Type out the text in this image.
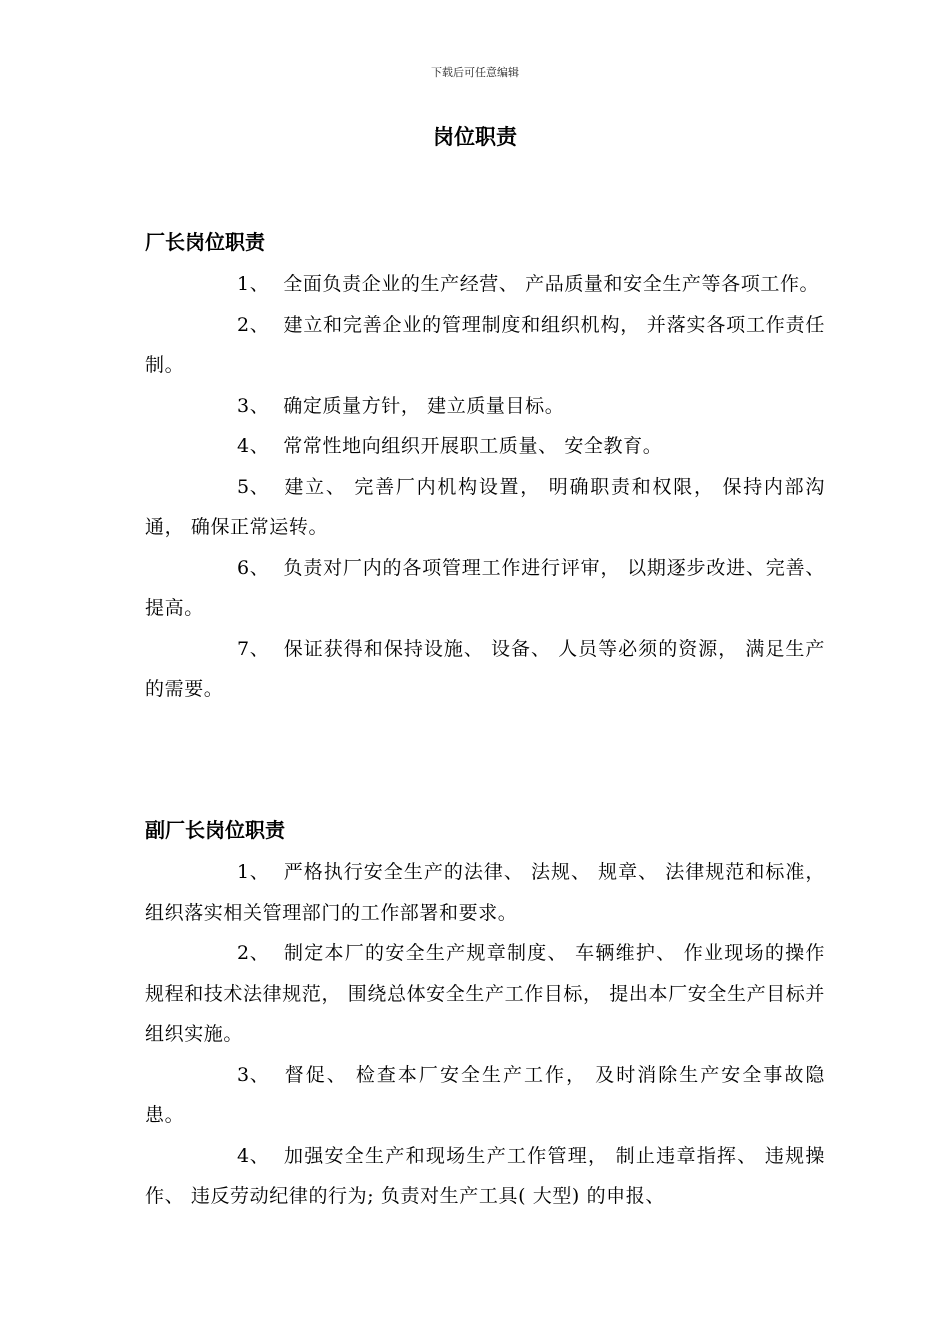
下载后可任意编辑
岗位职责
厂长岗位职责

1、 全面负责企业的生产经营、 产品质量和安全生产等各项工作。

2、 建立和完善企业的管理制度和组织机构， 并落实各项工作责任制。

3、 确定质量方针， 建立质量目标。

4、 常常性地向组织开展职工质量、 安全教育。

5、 建立、 完善厂内机构设置， 明确职责和权限， 保持内部沟通， 确保正常运转。

6、 负责对厂内的各项管理工作进行评审， 以期逐步改进、完善、 提高。

7、 保证获得和保持设施、 设备、 人员等必须的资源， 满足生产的需要。

副厂长岗位职责

1、 严格执行安全生产的法律、 法规、 规章、 法律规范和标准， 组织落实相关管理部门的工作部署和要求。

2、 制定本厂的安全生产规章制度、 车辆维护、 作业现场的操作规程和技术法律规范， 围绕总体安全生产工作目标， 提出本厂安全生产目标并组织实施。

3、 督促、 检查本厂安全生产工作， 及时消除生产安全事故隐患。

4、 加强安全生产和现场生产工作管理， 制止违章指挥、 违规操作、 违反劳动纪律的行为; 负责对生产工具( 大型) 的申报、
